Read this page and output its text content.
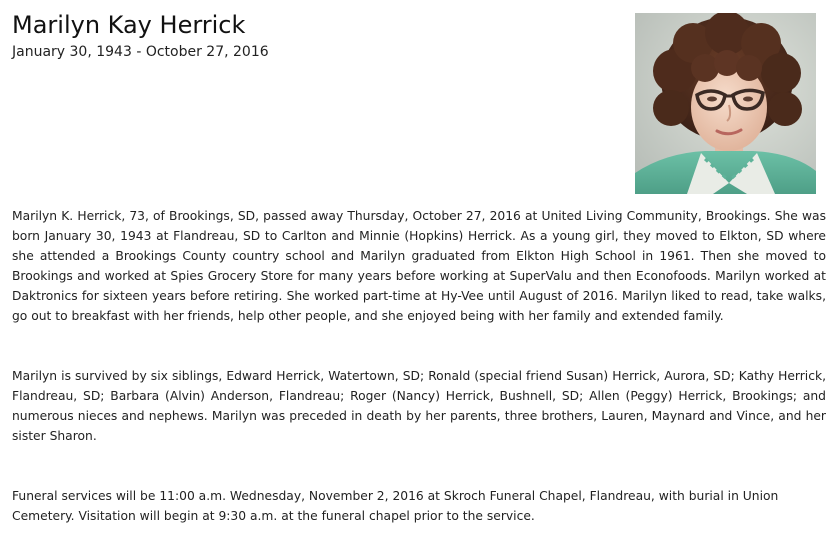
Marilyn Kay Herrick
January 30, 1943 - October 27, 2016

Marilyn K. Herrick, 73, of Brookings, SD, passed away Thursday, October 27, 2016 at United Living Community, Brookings. She was born January 30, 1943 at Flandreau, SD to Carlton and Minnie (Hopkins) Herrick. As a young girl, they moved to Elkton, SD where she attended a Brookings County country school and Marilyn graduated from Elkton High School in 1961. Then she moved to Brookings and worked at Spies Grocery Store for many years before working at SuperValu and then Econofoods. Marilyn worked at Daktronics for sixteen years before retiring. She worked part-time at Hy-Vee until August of 2016. Marilyn liked to read, take walks, go out to breakfast with her friends, help other people, and she enjoyed being with her family and extended family.

Marilyn is survived by six siblings, Edward Herrick, Watertown, SD; Ronald (special friend Susan) Herrick, Aurora, SD; Kathy Herrick, Flandreau, SD; Barbara (Alvin) Anderson, Flandreau; Roger (Nancy) Herrick, Bushnell, SD; Allen (Peggy) Herrick, Brookings; and numerous nieces and nephews. Marilyn was preceded in death by her parents, three brothers, Lauren, Maynard and Vince, and her sister Sharon.

Funeral services will be 11:00 a.m. Wednesday, November 2, 2016 at Skroch Funeral Chapel, Flandreau, with burial in Union Cemetery. Visitation will begin at 9:30 a.m. at the funeral chapel prior to the service.
